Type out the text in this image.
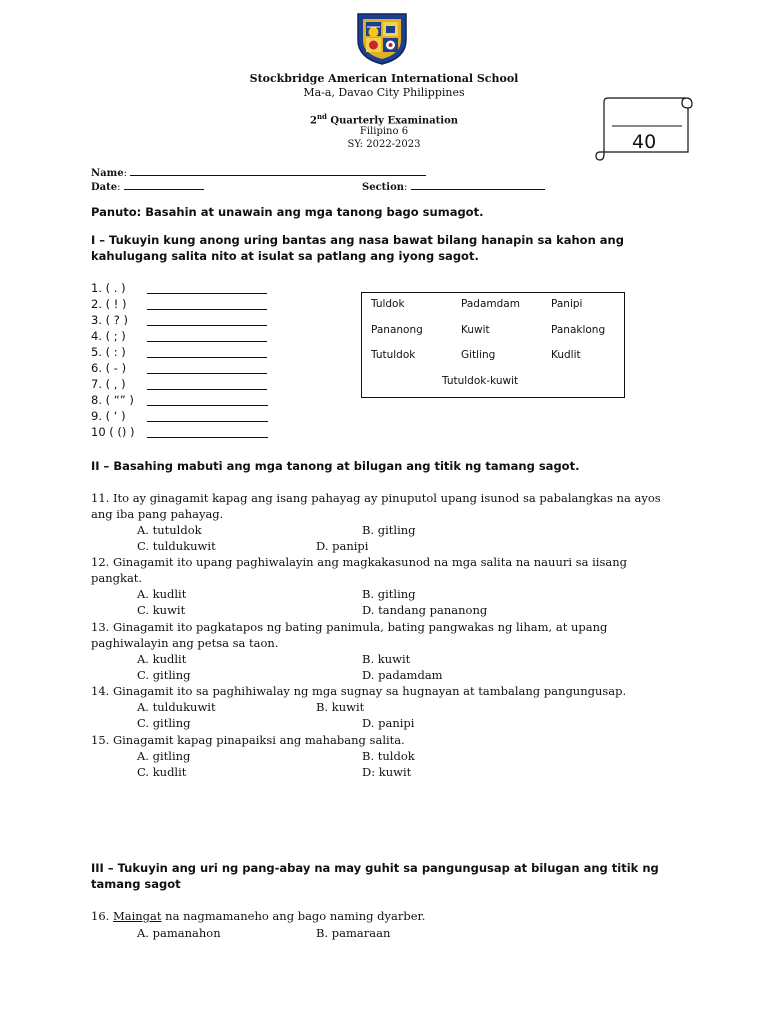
Stockbridge American International School
Ma-a, Davao City Philippines
2nd Quarterly Examination
Filipino 6
SY: 2022-2023	40
Name:
Date:	Section:
Panuto: Basahin at unawain ang mga tanong bago sumagot.
I – Tukuyin kung anong uring bantas ang nasa bawat bilang hanapin sa kahon ang
kahulugang salita nito at isulat sa patlang ang iyong sagot.
1. ( . )
2. ( ! )
3. ( ? )
4. ( ; )
5. ( : )
6. ( - )
7. ( , )
8. ( “” )
9. ( ‘ )
10 ( () )
Tuldok	Padamdam	Panipi
Pananong	Kuwit	Panaklong
Tutuldok	Gitling	Kudlit
Tutuldok-kuwit
II – Basahing mabuti ang mga tanong at bilugan ang titik ng tamang sagot.
11. Ito ay ginagamit kapag ang isang pahayag ay pinuputol upang isunod sa pabalangkas na ayos
ang iba pang pahayag.
A. tutuldok	B. gitling
C. tuldukuwit	D. panipi
12. Ginagamit ito upang paghiwalayin ang magkakasunod na mga salita na nauuri sa iisang
pangkat.
A. kudlit	B. gitling
C. kuwit	D. tandang pananong
13. Ginagamit ito pagkatapos ng bating panimula, bating pangwakas ng liham, at upang
paghiwalayin ang petsa sa taon.
A. kudlit	B. kuwit
C. gitling	D. padamdam
14. Ginagamit ito sa paghihiwalay ng mga sugnay sa hugnayan at tambalang pangungusap.
A. tuldukuwit	B. kuwit
C. gitling	D. panipi
15. Ginagamit kapag pinapaiksi ang mahabang salita.
A. gitling	B. tuldok
C. kudlit	D: kuwit
III – Tukuyin ang uri ng pang-abay na may guhit sa pangungusap at bilugan ang titik ng
tamang sagot
16. Maingat na nagmamaneho ang bago naming dyarber.
A. pamanahon	B. pamaraan
